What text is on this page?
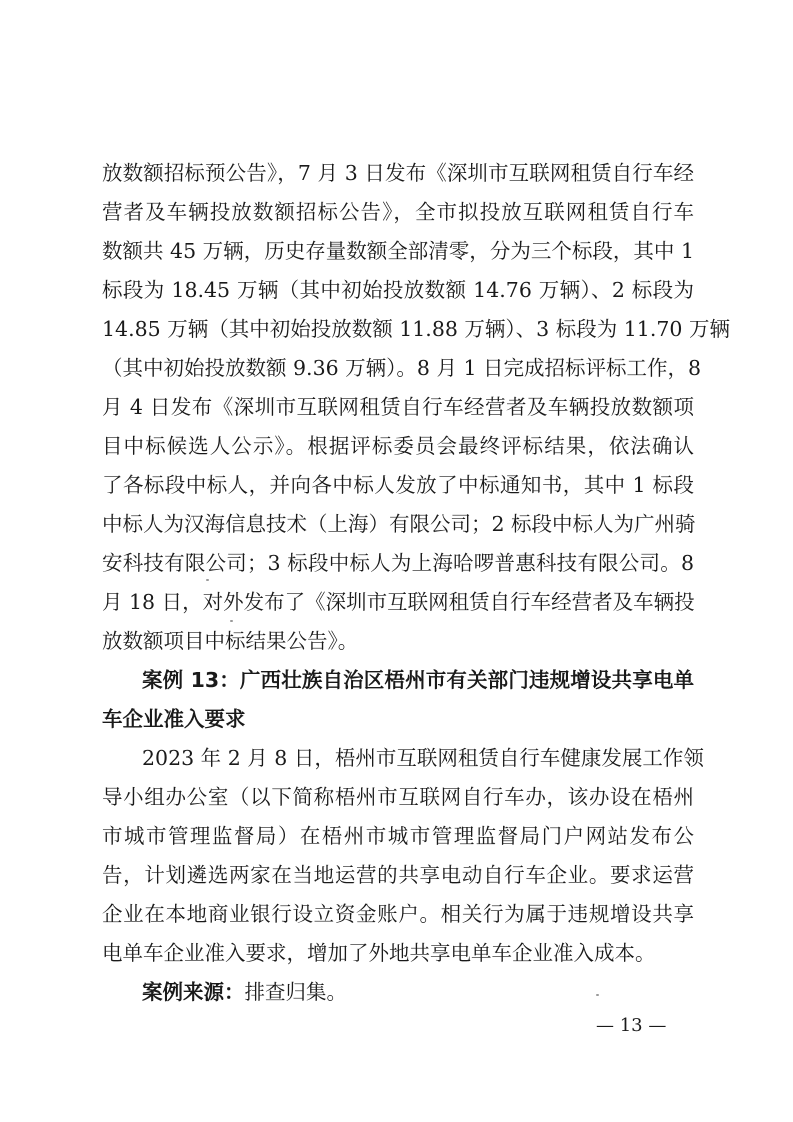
放数额招标预公告》，7 月 3 日发布《深圳市互联网租赁自行车经
营者及车辆投放数额招标公告》，全市拟投放互联网租赁自行车
数额共 45 万辆，历史存量数额全部清零，分为三个标段，其中 1
标段为 18.45 万辆（其中初始投放数额 14.76 万辆）、2 标段为
14.85 万辆（其中初始投放数额 11.88 万辆）、3 标段为 11.70 万辆
（其中初始投放数额 9.36 万辆）。8 月 1 日完成招标评标工作，8
月 4 日发布《深圳市互联网租赁自行车经营者及车辆投放数额项
目中标候选人公示》。根据评标委员会最终评标结果，依法确认
了各标段中标人，并向各中标人发放了中标通知书，其中 1 标段
中标人为汉海信息技术（上海）有限公司；2 标段中标人为广州骑
安科技有限公司；3 标段中标人为上海哈啰普惠科技有限公司。8
月 18 日，对外发布了《深圳市互联网租赁自行车经营者及车辆投
放数额项目中标结果公告》。
案例 13：广西壮族自治区梧州市有关部门违规增设共享电单
车企业准入要求
2023 年 2 月 8 日，梧州市互联网租赁自行车健康发展工作领
导小组办公室（以下简称梧州市互联网自行车办，该办设在梧州
市城市管理监督局）在梧州市城市管理监督局门户网站发布公
告，计划遴选两家在当地运营的共享电动自行车企业。要求运营
企业在本地商业银行设立资金账户。相关行为属于违规增设共享
电单车企业准入要求，增加了外地共享电单车企业准入成本。
案例来源：排查归集。
— 13 —
